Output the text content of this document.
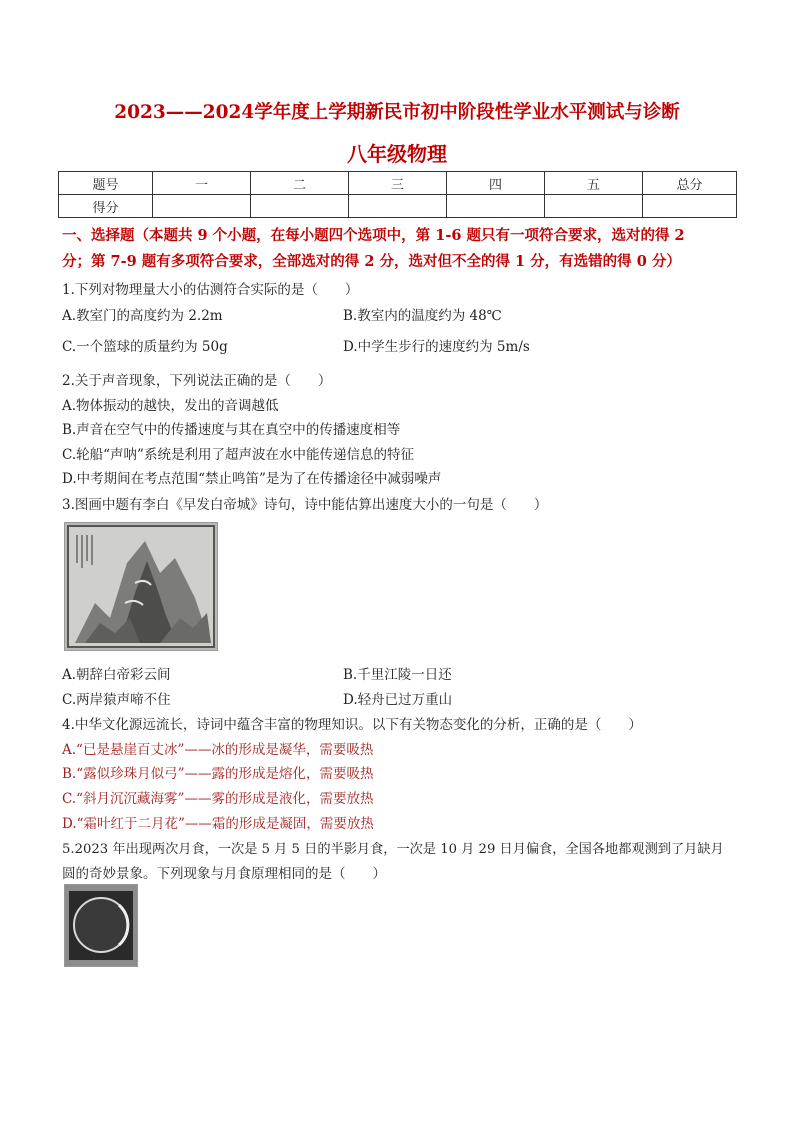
2023——2024学年度上学期新民市初中阶段性学业水平测试与诊断
八年级物理
题号	一	二	三	四	五	总分
得分						
一、选择题（本题共 9 个小题，在每小题四个选项中，第 1-6 题只有一项符合要求，选对的得 2
分；第 7-9 题有多项符合要求，全部选对的得 2 分，选对但不全的得 1 分，有选错的得 0 分）
1.下列对物理量大小的估测符合实际的是（　　）
A.教室门的高度约为 2.2m	B.教室内的温度约为 48℃
C.一个篮球的质量约为 50g	D.中学生步行的速度约为 5m/s
2.关于声音现象，下列说法正确的是（　　）
A.物体振动的越快，发出的音调越低
B.声音在空气中的传播速度与其在真空中的传播速度相等
C.轮船“声呐”系统是利用了超声波在水中能传递信息的特征
D.中考期间在考点范围“禁止鸣笛”是为了在传播途径中减弱噪声
3.图画中题有李白《早发白帝城》诗句，诗中能估算出速度大小的一句是（　　）
A.朝辞白帝彩云间	B.千里江陵一日还
C.两岸猿声啼不住	D.轻舟已过万重山
4.中华文化源远流长，诗词中蕴含丰富的物理知识。以下有关物态变化的分析，正确的是（　　）
A.“已是悬崖百丈冰”——冰的形成是凝华，需要吸热
B.“露似珍珠月似弓”——露的形成是熔化，需要吸热
C.“斜月沉沉藏海雾”——雾的形成是液化，需要放热
D.“霜叶红于二月花”——霜的形成是凝固，需要放热
5.2023 年出现两次月食，一次是 5 月 5 日的半影月食，一次是 10 月 29 日月偏食，全国各地都观测到了月缺月
圆的奇妙景象。下列现象与月食原理相同的是（　　）
